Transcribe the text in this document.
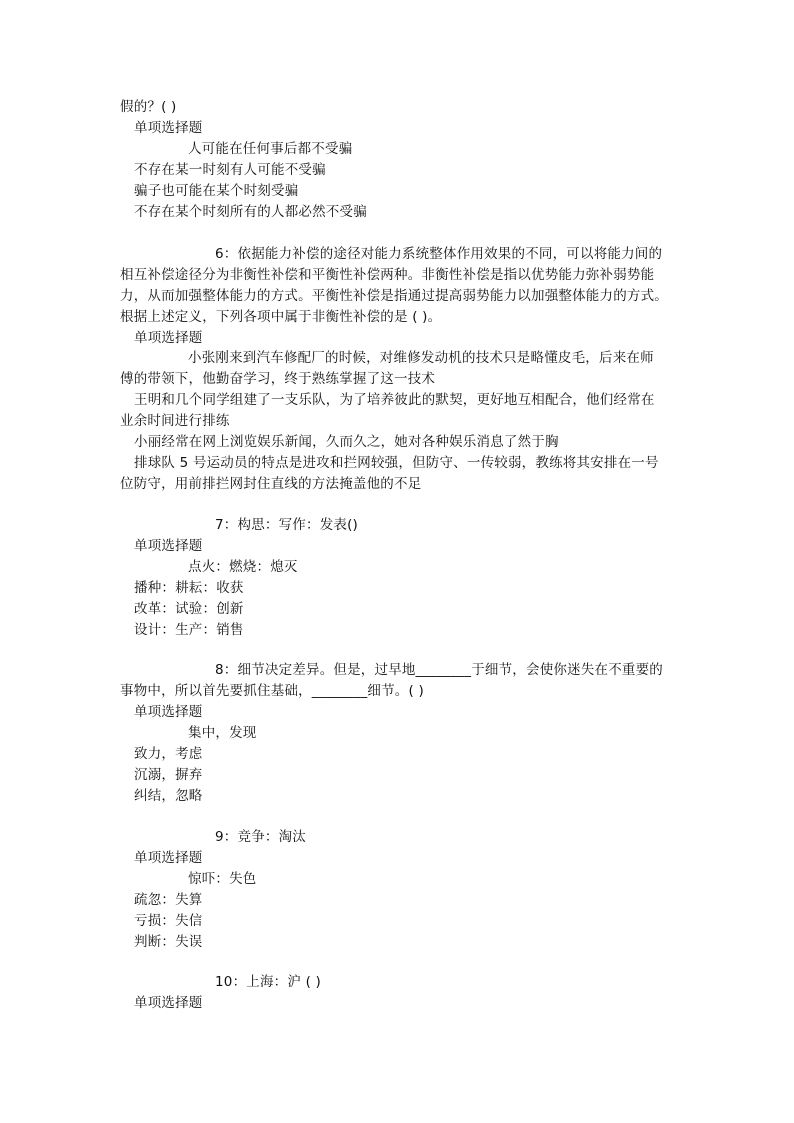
假的？( )
单项选择题
人可能在任何事后都不受骗
不存在某一时刻有人可能不受骗
骗子也可能在某个时刻受骗
不存在某个时刻所有的人都必然不受骗
6：依据能力补偿的途径对能力系统整体作用效果的不同，可以将能力间的
相互补偿途径分为非衡性补偿和平衡性补偿两种。非衡性补偿是指以优势能力弥补弱势能
力，从而加强整体能力的方式。平衡性补偿是指通过提高弱势能力以加强整体能力的方式。
根据上述定义，下列各项中属于非衡性补偿的是 ( )。
单项选择题
小张刚来到汽车修配厂的时候，对维修发动机的技术只是略懂皮毛，后来在师
傅的带领下，他勤奋学习，终于熟练掌握了这一技术
王明和几个同学组建了一支乐队，为了培养彼此的默契，更好地互相配合，他们经常在
业余时间进行排练
小丽经常在网上浏览娱乐新闻，久而久之，她对各种娱乐消息了然于胸
排球队 5 号运动员的特点是进攻和拦网较强，但防守、一传较弱，教练将其安排在一号
位防守，用前排拦网封住直线的方法掩盖他的不足
7：构思：写作：发表()
单项选择题
点火：燃烧：熄灭
播种：耕耘：收获
改革：试验：创新
设计：生产：销售
8：细节决定差异。但是，过早地________于细节，会使你迷失在不重要的
事物中，所以首先要抓住基础，________细节。( )
单项选择题
集中，发现
致力，考虑
沉溺，摒弃
纠结，忽略
9：竞争：淘汰
单项选择题
惊吓：失色
疏忽：失算
亏损：失信
判断：失误
10：上海：沪 ( )
单项选择题
